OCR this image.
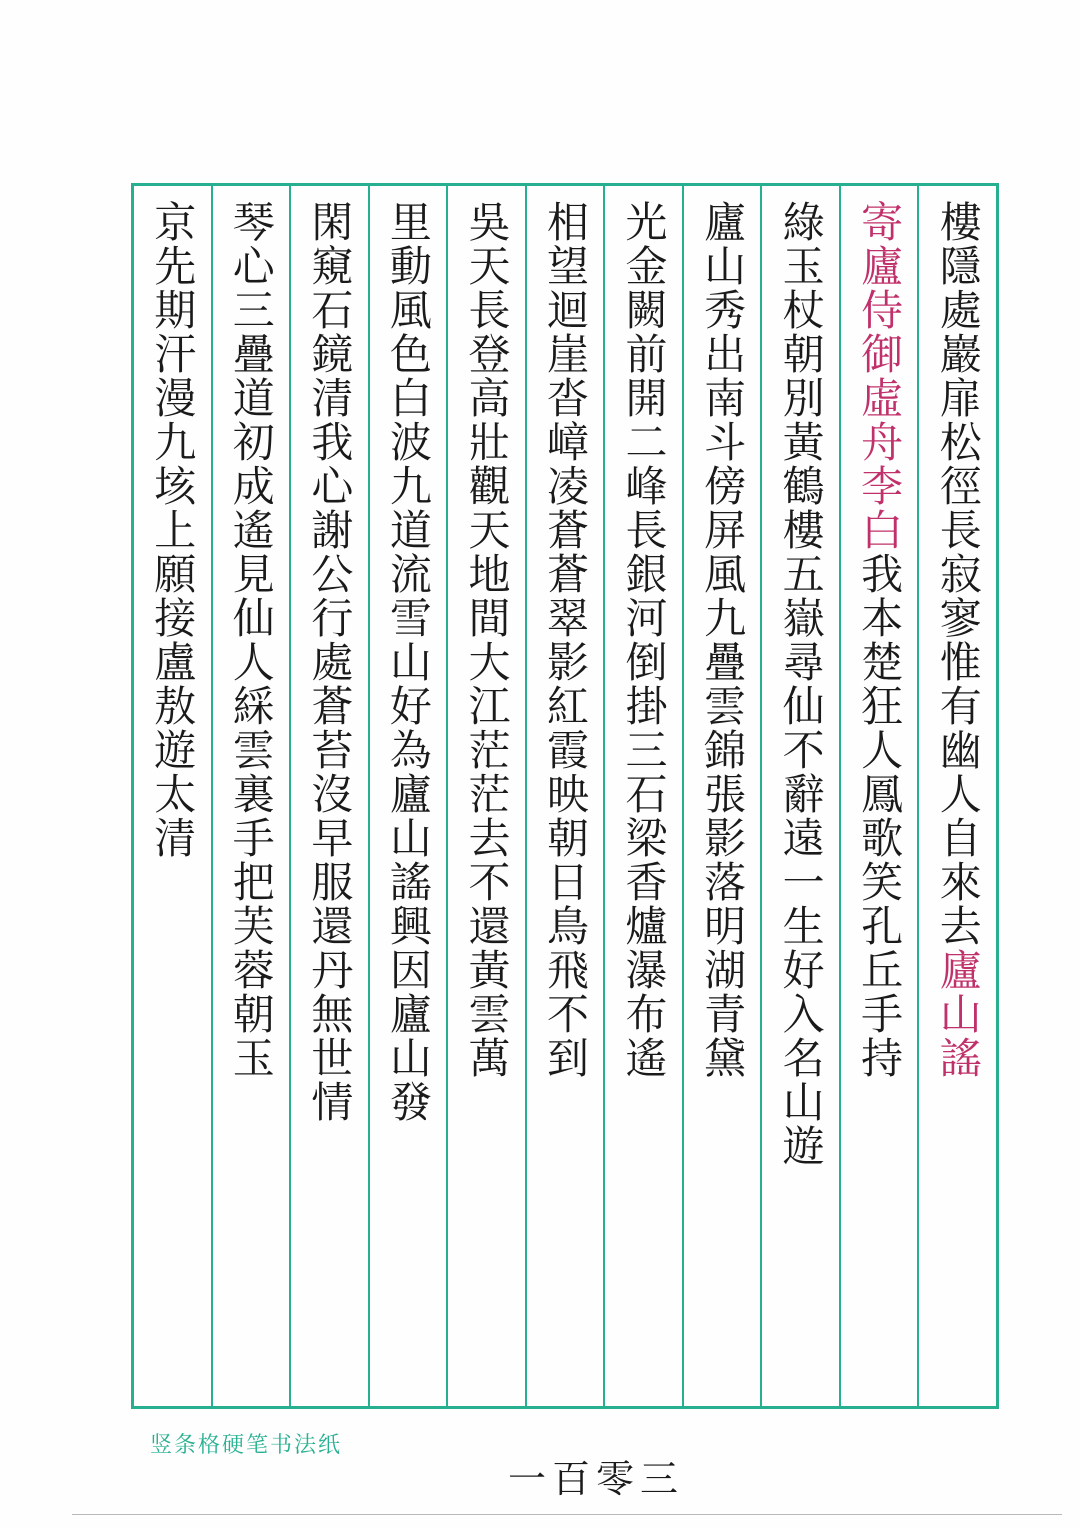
樓隱處巖扉松徑長寂寥惟有幽人自來去廬山謠
寄廬侍御虛舟李白我本楚狂人鳳歌笑孔丘手持
綠玉杖朝別黃鶴樓五嶽尋仙不辭遠一生好入名山遊
廬山秀出南斗傍屏風九疊雲錦張影落明湖青黛
光金闕前開二峰長銀河倒掛三石梁香爐瀑布遙
相望迴崖沓嶂凌蒼蒼翠影紅霞映朝日鳥飛不到
吳天長登高壯觀天地間大江茫茫去不還黃雲萬
里動風色白波九道流雪山好為廬山謠興因廬山發
閑窺石鏡清我心謝公行處蒼苔沒早服還丹無世情
琴心三疊道初成遙見仙人綵雲裏手把芙蓉朝玉
京先期汗漫九垓上願接盧敖遊太清
竖条格硬笔书法纸
一百零三
